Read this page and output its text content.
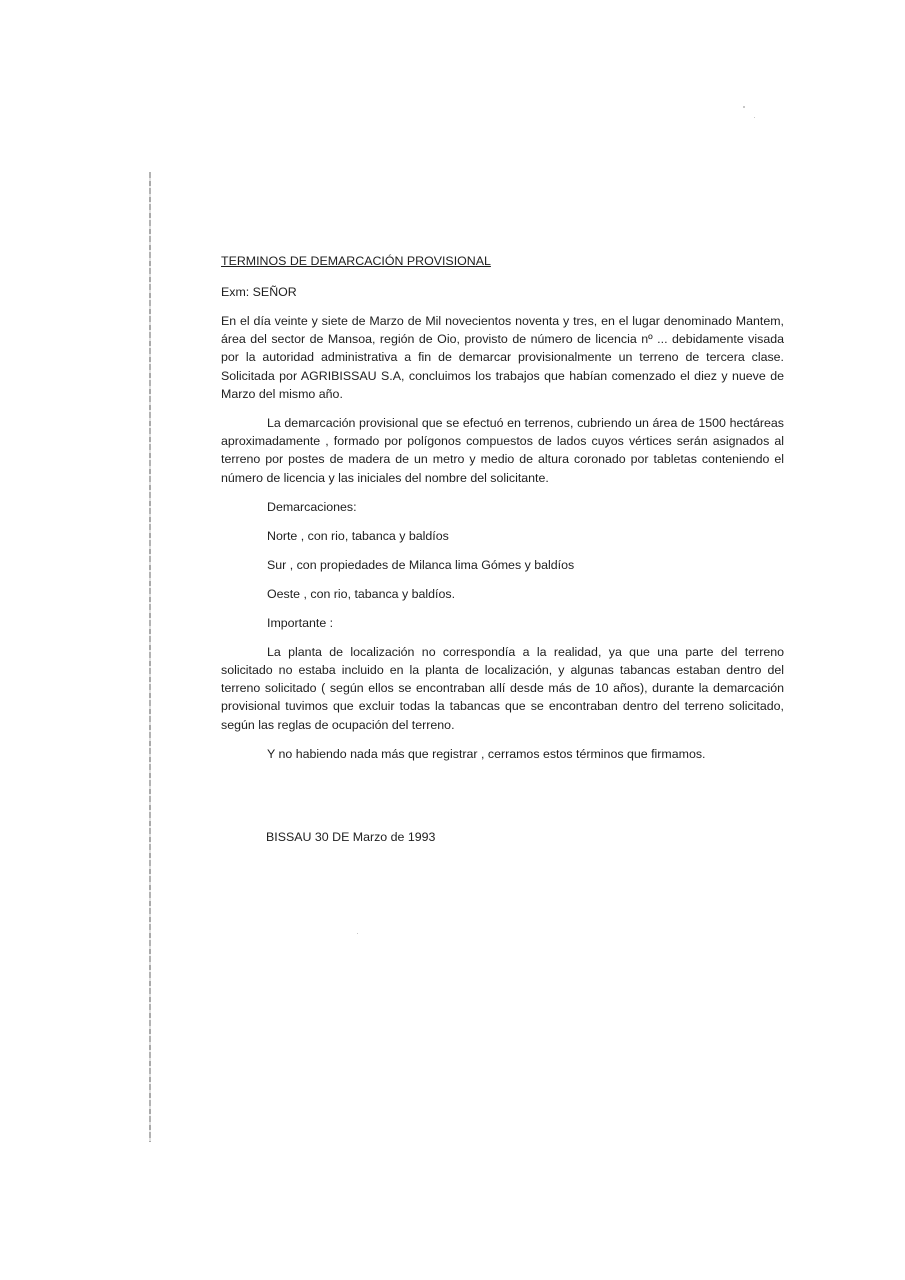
TERMINOS DE DEMARCACIÓN PROVISIONAL

Exm: SEÑOR

En el día veinte y siete de Marzo de Mil novecientos noventa y tres, en el lugar denominado Mantem, área del sector de Mansoa, región de Oio, provisto de número de licencia nº ... debidamente visada por la autoridad administrativa a fin de demarcar provisionalmente un terreno de tercera clase. Solicitada por AGRIBISSAU S.A, concluimos los trabajos que habían comenzado el diez y nueve de Marzo del mismo año.

La demarcación provisional que se efectuó en terrenos, cubriendo un área de 1500 hectáreas aproximadamente , formado por polígonos compuestos de lados cuyos vértices serán asignados al terreno por postes de madera de un metro y medio de altura coronado por tabletas conteniendo el número de licencia y las iniciales del nombre del solicitante.

Demarcaciones:

Norte , con rio, tabanca y baldíos

Sur , con propiedades de Milanca lima Gómes y baldíos

Oeste , con rio, tabanca y baldíos.

Importante :

La planta de localización no correspondía a la realidad, ya que una parte del terreno solicitado no estaba incluido en la planta de localización, y algunas tabancas estaban dentro del terreno solicitado ( según ellos se encontraban allí desde más de 10 años), durante la demarcación provisional tuvimos que excluir todas la tabancas que se encontraban dentro del terreno solicitado, según las reglas de ocupación del terreno.

Y no habiendo nada más que registrar , cerramos estos términos que firmamos.

BISSAU 30 DE Marzo de 1993
